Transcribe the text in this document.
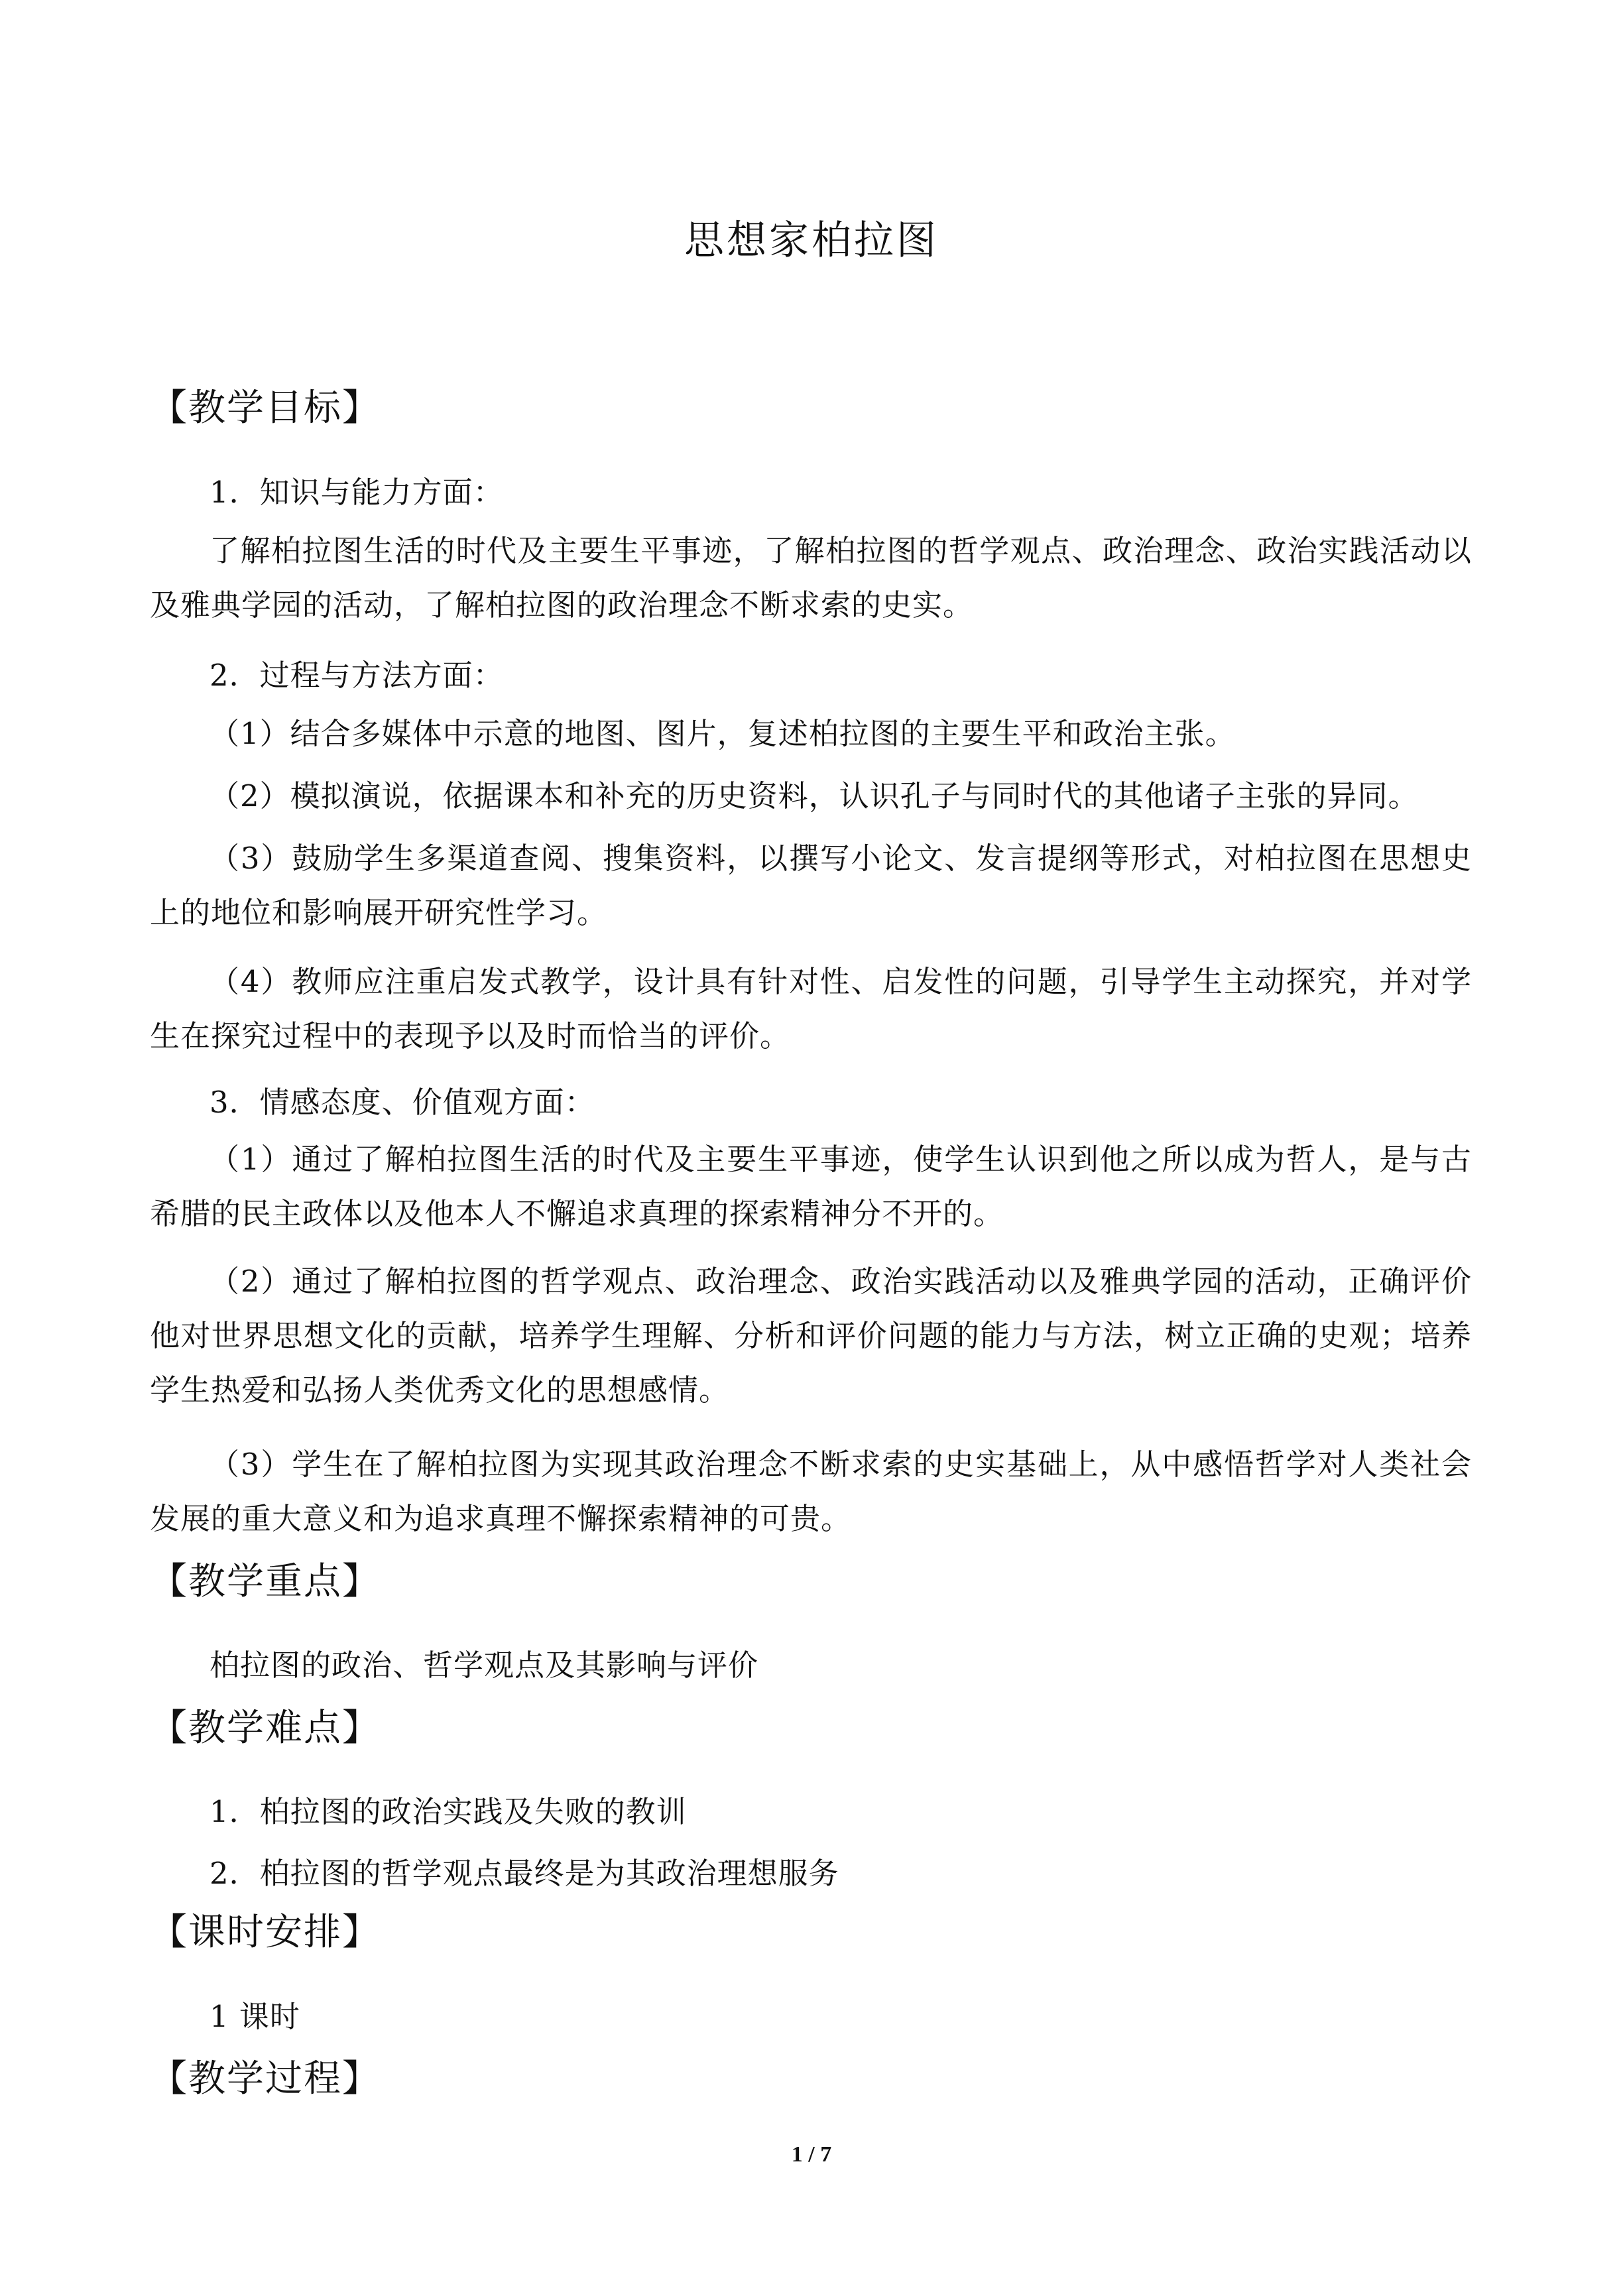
思想家柏拉图
【教学目标】
1．知识与能力方面：
了解柏拉图生活的时代及主要生平事迹，了解柏拉图的哲学观点、政治理念、政治实践活动以及雅典学园的活动，了解柏拉图的政治理念不断求索的史实。
2．过程与方法方面：
（1）结合多媒体中示意的地图、图片，复述柏拉图的主要生平和政治主张。
（2）模拟演说，依据课本和补充的历史资料，认识孔子与同时代的其他诸子主张的异同。
（3）鼓励学生多渠道查阅、搜集资料，以撰写小论文、发言提纲等形式，对柏拉图在思想史上的地位和影响展开研究性学习。
（4）教师应注重启发式教学，设计具有针对性、启发性的问题，引导学生主动探究，并对学生在探究过程中的表现予以及时而恰当的评价。
3．情感态度、价值观方面：
（1）通过了解柏拉图生活的时代及主要生平事迹，使学生认识到他之所以成为哲人，是与古希腊的民主政体以及他本人不懈追求真理的探索精神分不开的。
（2）通过了解柏拉图的哲学观点、政治理念、政治实践活动以及雅典学园的活动，正确评价他对世界思想文化的贡献，培养学生理解、分析和评价问题的能力与方法，树立正确的史观；培养学生热爱和弘扬人类优秀文化的思想感情。
（3）学生在了解柏拉图为实现其政治理念不断求索的史实基础上，从中感悟哲学对人类社会发展的重大意义和为追求真理不懈探索精神的可贵。
【教学重点】
柏拉图的政治、哲学观点及其影响与评价
【教学难点】
1．柏拉图的政治实践及失败的教训
2．柏拉图的哲学观点最终是为其政治理想服务
【课时安排】
1 课时
【教学过程】
1 / 7
